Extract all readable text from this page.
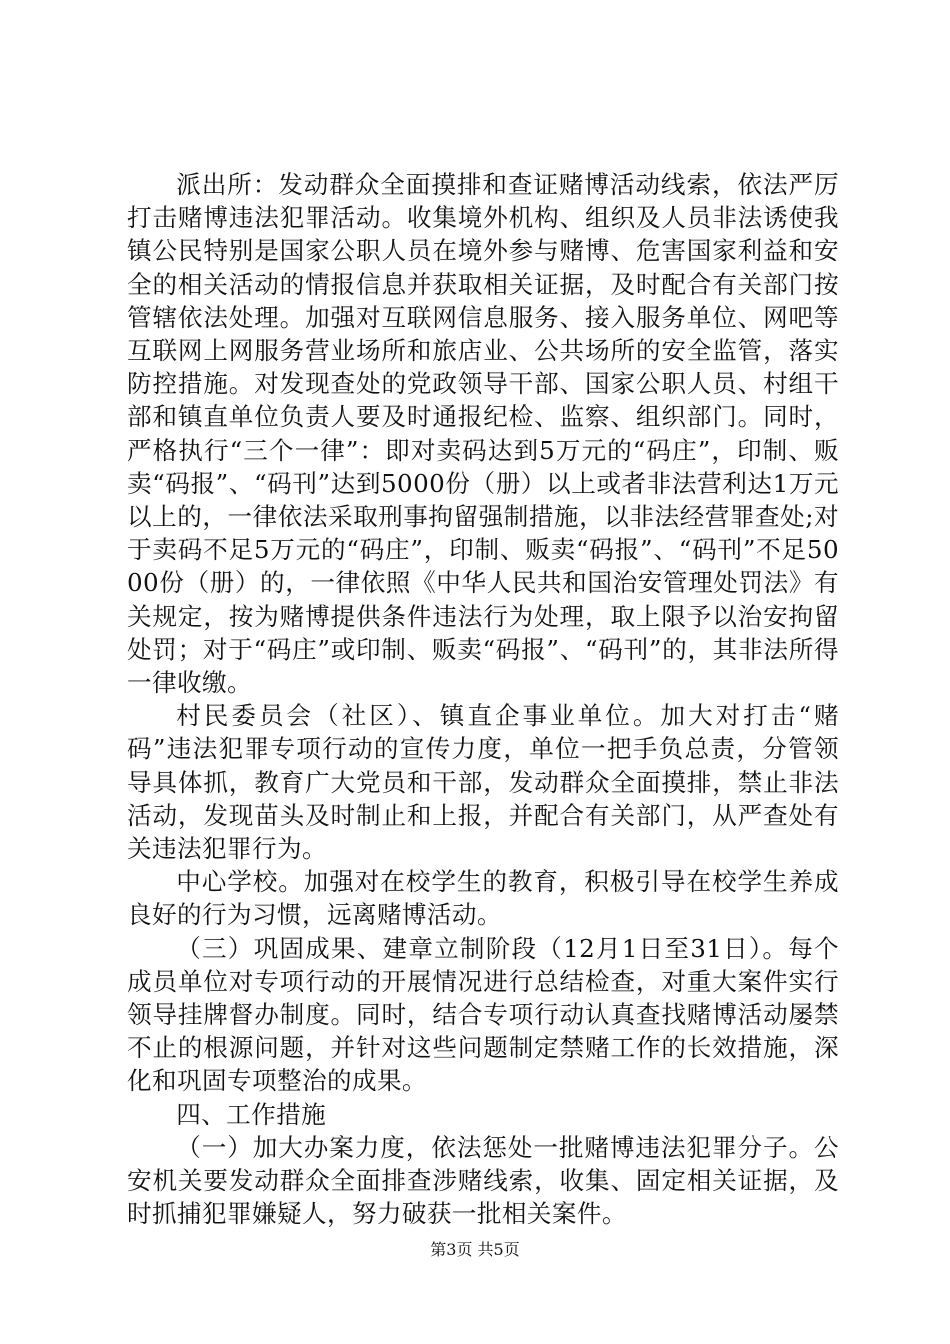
派出所：发动群众全面摸排和查证赌博活动线索，依法严厉打击赌博违法犯罪活动。收集境外机构、组织及人员非法诱使我镇公民特别是国家公职人员在境外参与赌博、危害国家利益和安全的相关活动的情报信息并获取相关证据，及时配合有关部门按管辖依法处理。加强对互联网信息服务、接入服务单位、网吧等互联网上网服务营业场所和旅店业、公共场所的安全监管，落实防控措施。对发现查处的党政领导干部、国家公职人员、村组干部和镇直单位负责人要及时通报纪检、监察、组织部门。同时，严格执行“三个一律”：即对卖码达到5万元的“码庄”，印制、贩卖“码报”、“码刊”达到5000份（册）以上或者非法营利达1万元以上的，一律依法采取刑事拘留强制措施，以非法经营罪查处;对于卖码不足5万元的“码庄”，印制、贩卖“码报”、“码刊”不足5000份（册）的，一律依照《中华人民共和国治安管理处罚法》有关规定，按为赌博提供条件违法行为处理，取上限予以治安拘留处罚；对于“码庄”或印制、贩卖“码报”、“码刊”的，其非法所得一律收缴。

村民委员会（社区）、镇直企事业单位。加大对打击“赌码”违法犯罪专项行动的宣传力度，单位一把手负总责，分管领导具体抓，教育广大党员和干部，发动群众全面摸排，禁止非法活动，发现苗头及时制止和上报，并配合有关部门，从严查处有关违法犯罪行为。

中心学校。加强对在校学生的教育，积极引导在校学生养成良好的行为习惯，远离赌博活动。

（三）巩固成果、建章立制阶段（12月1日至31日）。每个成员单位对专项行动的开展情况进行总结检查，对重大案件实行领导挂牌督办制度。同时，结合专项行动认真查找赌博活动屡禁不止的根源问题，并针对这些问题制定禁赌工作的长效措施，深化和巩固专项整治的成果。

四、工作措施

（一）加大办案力度，依法惩处一批赌博违法犯罪分子。公安机关要发动群众全面排查涉赌线索，收集、固定相关证据，及时抓捕犯罪嫌疑人，努力破获一批相关案件。

第3页 共5页
